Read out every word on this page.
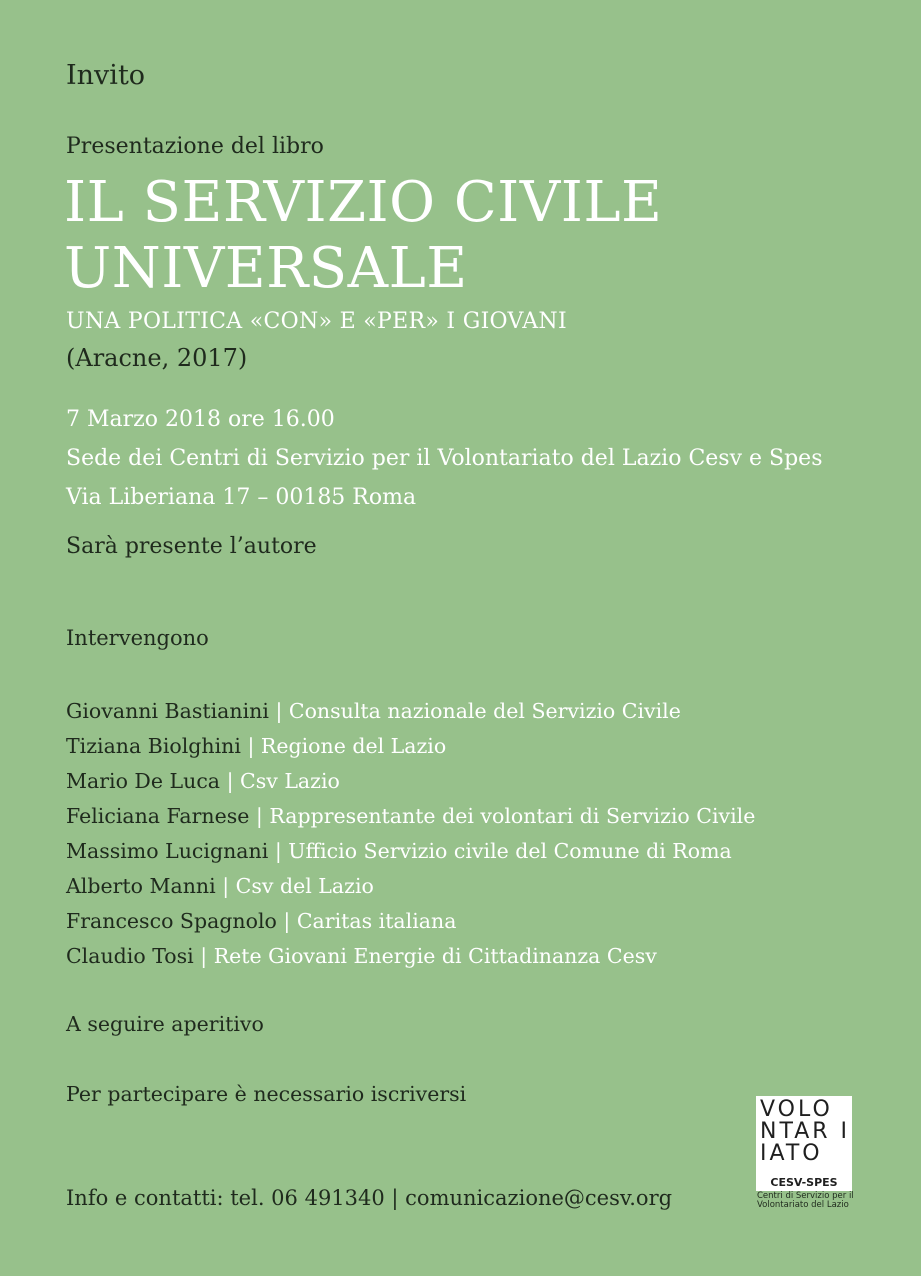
Invito
Presentazione del libro
IL SERVIZIO CIVILE
UNIVERSALE
UNA POLITICA «CON» E «PER» I GIOVANI
(Aracne, 2017)
7 Marzo 2018 ore 16.00
Sede dei Centri di Servizio per il Volontariato del Lazio Cesv e Spes
Via Liberiana 17 – 00185 Roma
Sarà presente l’autore
Intervengono
Giovanni Bastianini | Consulta nazionale del Servizio Civile
Tiziana Biolghini | Regione del Lazio
Mario De Luca | Csv Lazio
Feliciana Farnese | Rappresentante dei volontari di Servizio Civile
Massimo Lucignani | Ufficio Servizio civile del Comune di Roma
Alberto Manni | Csv del Lazio
Francesco Spagnolo | Caritas italiana
Claudio Tosi | Rete Giovani Energie di Cittadinanza Cesv
A seguire aperitivo
Per partecipare è necessario iscriversi
Info e contatti: tel. 06 491340 | comunicazione@cesv.org
VOLO
NTAR I
IATO
CESV-SPES
Centri di Servizio per il
Volontariato del Lazio
